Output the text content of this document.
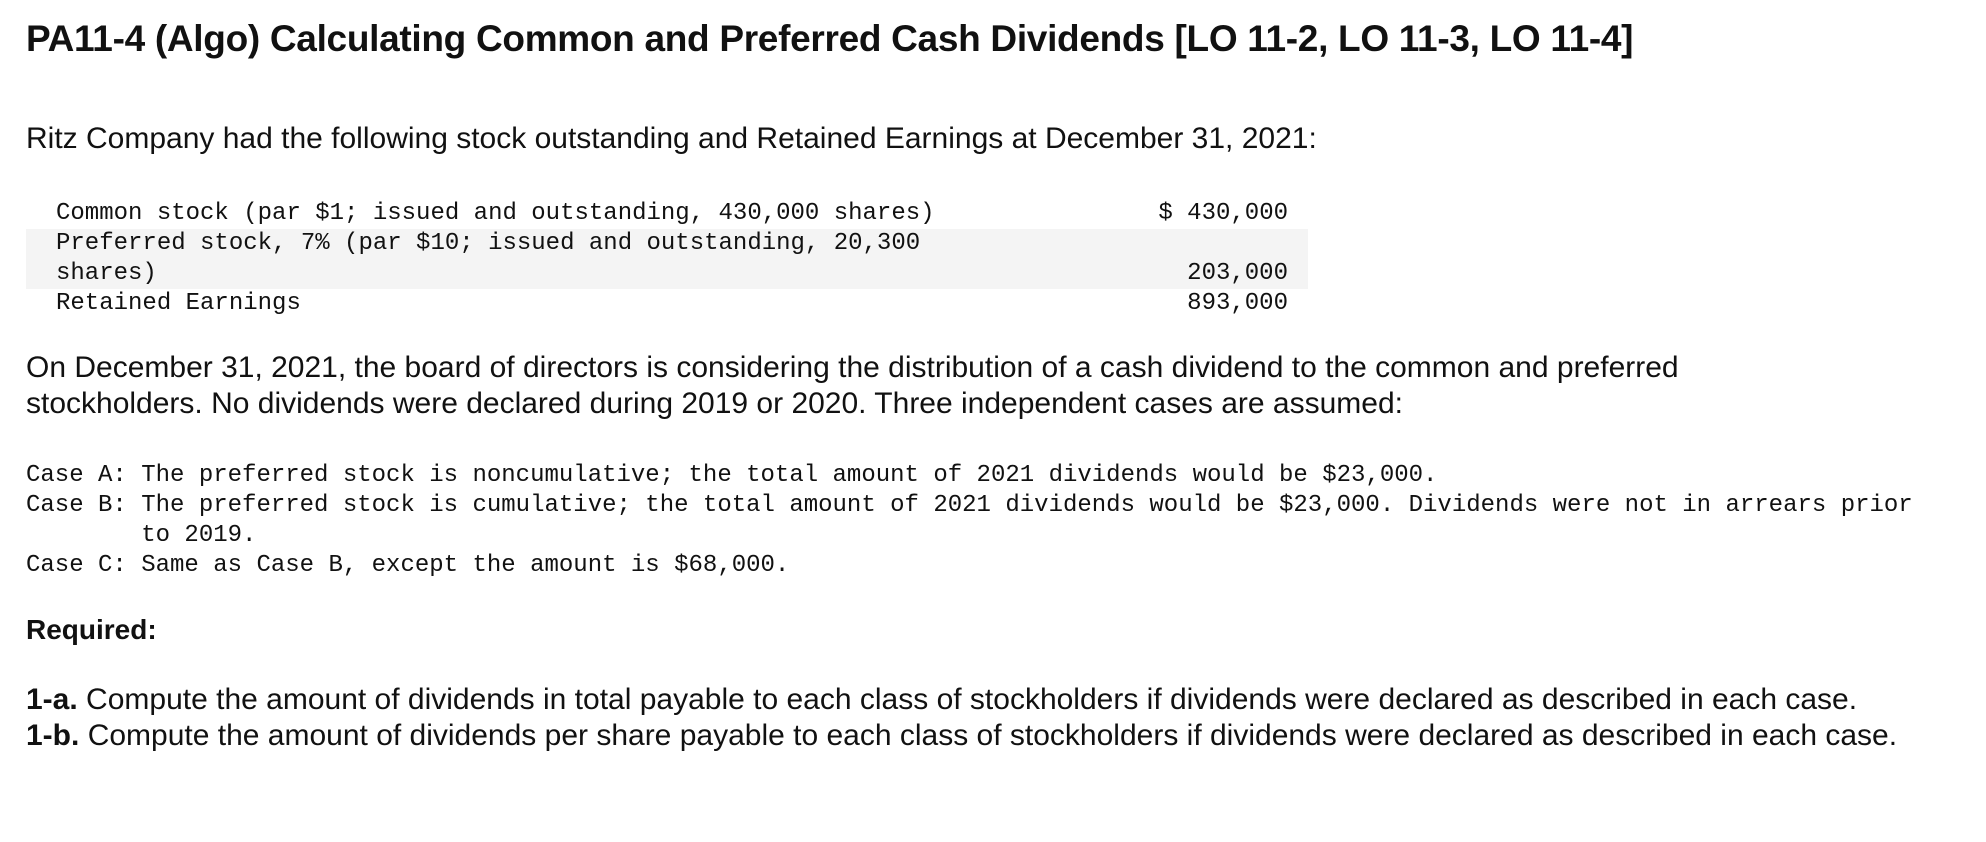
PA11-4 (Algo) Calculating Common and Preferred Cash Dividends [LO 11-2, LO 11-3, LO 11-4]

Ritz Company had the following stock outstanding and Retained Earnings at December 31, 2021:

Common stock (par $1; issued and outstanding, 430,000 shares)	$ 430,000
Preferred stock, 7% (par $10; issued and outstanding, 20,300 shares)	203,000
Retained Earnings	893,000

On December 31, 2021, the board of directors is considering the distribution of a cash dividend to the common and preferred stockholders. No dividends were declared during 2019 or 2020. Three independent cases are assumed:

Case A: The preferred stock is noncumulative; the total amount of 2021 dividends would be $23,000.
Case B: The preferred stock is cumulative; the total amount of 2021 dividends would be $23,000. Dividends were not in arrears prior to 2019.
Case C: Same as Case B, except the amount is $68,000.
Required:

1-a. Compute the amount of dividends in total payable to each class of stockholders if dividends were declared as described in each case.

1-b. Compute the amount of dividends per share payable to each class of stockholders if dividends were declared as described in each case.
